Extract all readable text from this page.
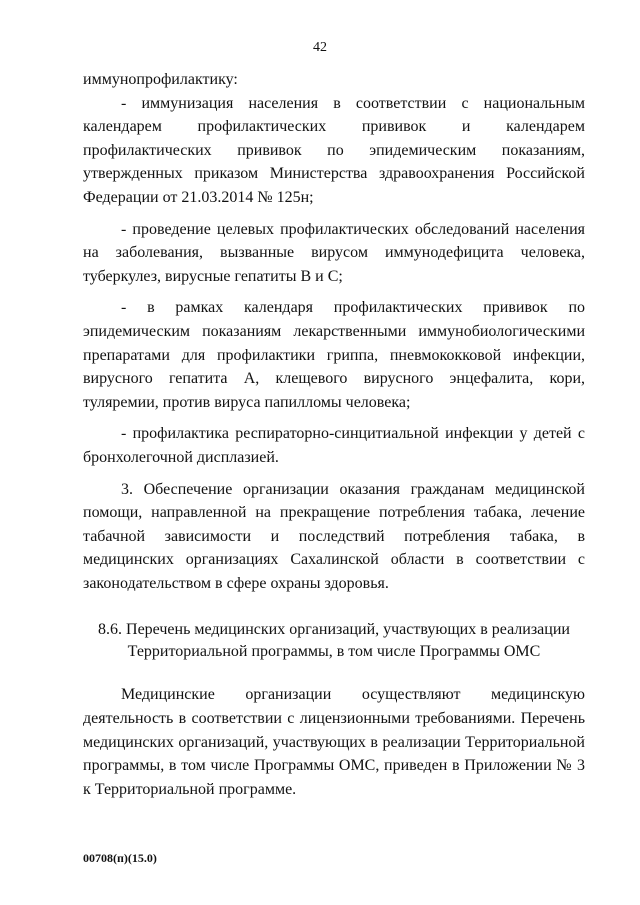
42

иммунопрофилактику:

- иммунизация населения в соответствии с национальным календарем профилактических прививок и календарем профилактических прививок по эпидемическим показаниям, утвержденных приказом Министерства здравоохранения Российской Федерации от 21.03.2014 № 125н;

- проведение целевых профилактических обследований населения на заболевания, вызванные вирусом иммунодефицита человека, туберкулез, вирусные гепатиты В и С;

- в рамках календаря профилактических прививок по эпидемическим показаниям лекарственными иммунобиологическими препаратами для профилактики гриппа, пневмококковой инфекции, вирусного гепатита А, клещевого вирусного энцефалита, кори, туляремии, против вируса папилломы человека;

- профилактика респираторно-синцитиальной инфекции у детей с бронхолегочной дисплазией.

3. Обеспечение организации оказания гражданам медицинской помощи, направленной на прекращение потребления табака, лечение табачной зависимости и последствий потребления табака, в медицинских организациях Сахалинской области в соответствии с законодательством в сфере охраны здоровья.

8.6. Перечень медицинских организаций, участвующих в реализации
Территориальной программы, в том числе Программы ОМС

Медицинские организации осуществляют медицинскую деятельность в соответствии с лицензионными требованиями. Перечень медицинских организаций, участвующих в реализации Территориальной программы, в том числе Программы ОМС, приведен в Приложении № 3 к Территориальной программе.

00708(п)(15.0)
